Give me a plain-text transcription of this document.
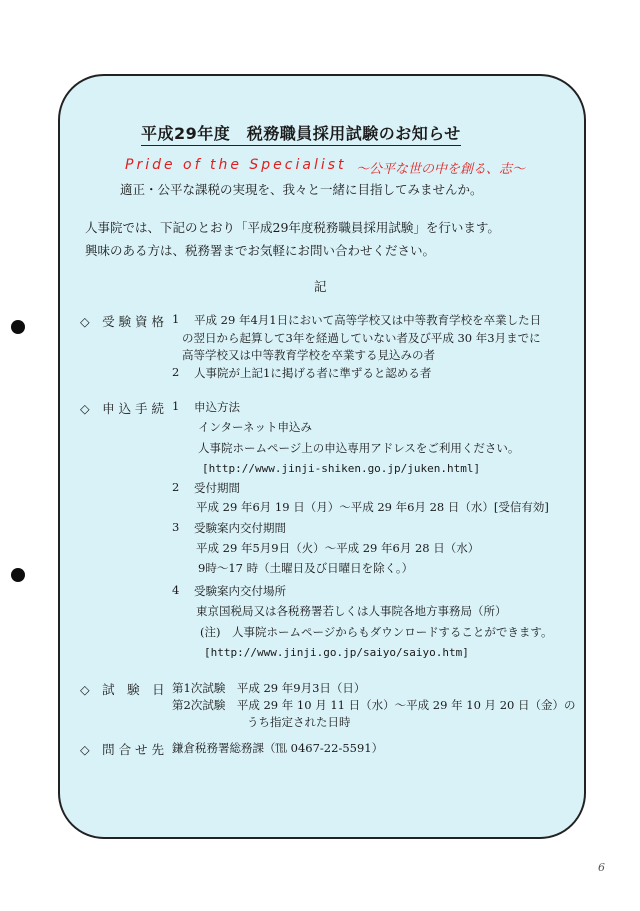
平成29年度　税務職員採用試験のお知らせ
Pride of the Specialist ～公平な世の中を創る、志～
適正・公平な課税の実現を、我々と一緒に目指してみませんか。
人事院では、下記のとおり「平成29年度税務職員採用試験」を行います。
興味のある方は、税務署までお気軽にお問い合わせください。
記
◇　受 験 資 格 1 平成 29 年4月1日において高等学校又は中等教育学校を卒業した日
の翌日から起算して3年を経過していない者及び平成 30 年3月までに
高等学校又は中等教育学校を卒業する見込みの者
2 人事院が上記1に掲げる者に準ずると認める者
◇　申 込 手 続 1 申込方法
インターネット申込み
人事院ホームページ上の申込専用アドレスをご利用ください。
[http://www.jinji-shiken.go.jp/juken.html]
2 受付期間
平成 29 年6月 19 日（月）～平成 29 年6月 28 日（水）[受信有効]
3 受験案内交付期間
平成 29 年5月9日（火）～平成 29 年6月 28 日（水）
9時～17 時（土曜日及び日曜日を除く。）
4 受験案内交付場所
東京国税局又は各税務署若しくは人事院各地方事務局（所）
(注)　人事院ホームページからもダウンロードすることができます。
[http://www.jinji.go.jp/saiyo/saiyo.htm]
◇　試　験　日 第1次試験　平成 29 年9月3日（日）
第2次試験　平成 29 年 10 月 11 日（水）～平成 29 年 10 月 20 日（金）の
うち指定された日時
◇　問 合 せ 先 鎌倉税務署総務課（℡ 0467-22-5591）
6
